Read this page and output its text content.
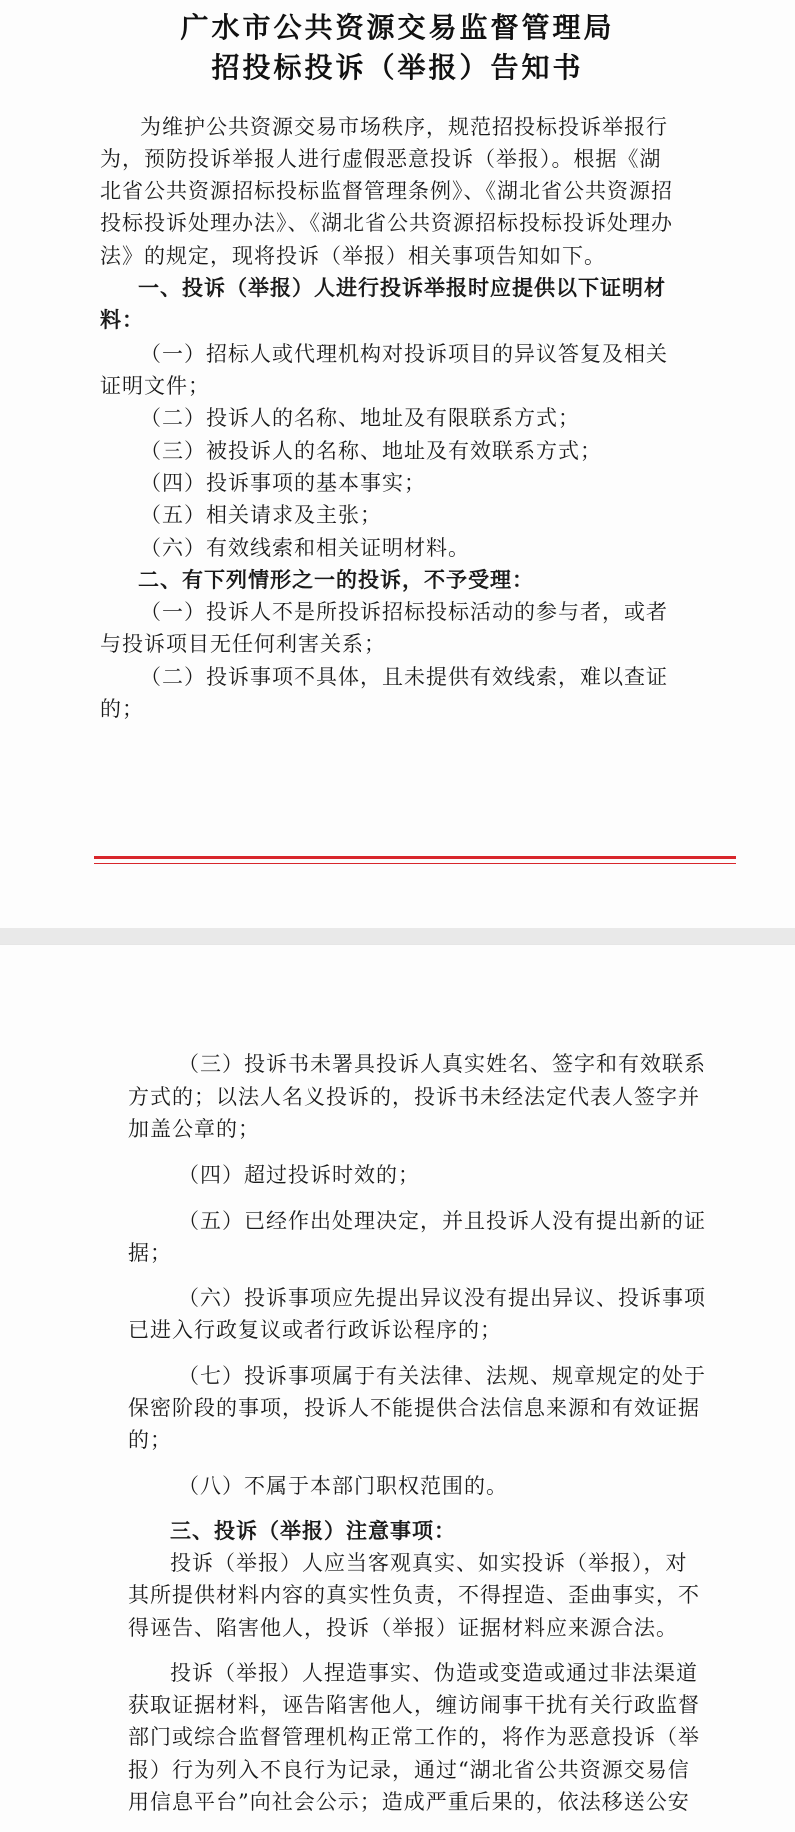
广水市公共资源交易监督管理局
招投标投诉（举报）告知书

为维护公共资源交易市场秩序，规范招投标投诉举报行

为，预防投诉举报人进行虚假恶意投诉（举报）。根据《湖

北省公共资源招标投标监督管理条例》、《湖北省公共资源招

投标投诉处理办法》、《湖北省公共资源招标投标投诉处理办

法》的规定，现将投诉（举报）相关事项告知如下。

一、投诉（举报）人进行投诉举报时应提供以下证明材

料：

（一）招标人或代理机构对投诉项目的异议答复及相关

证明文件；

（二）投诉人的名称、地址及有限联系方式；

（三）被投诉人的名称、地址及有效联系方式；

（四）投诉事项的基本事实；

（五）相关请求及主张；

（六）有效线索和相关证明材料。

二、有下列情形之一的投诉，不予受理：

（一）投诉人不是所投诉招标投标活动的参与者，或者

与投诉项目无任何利害关系；

（二）投诉事项不具体，且未提供有效线索，难以查证

的；

（三）投诉书未署具投诉人真实姓名、签字和有效联系

方式的；以法人名义投诉的，投诉书未经法定代表人签字并

加盖公章的；

（四）超过投诉时效的；

（五）已经作出处理决定，并且投诉人没有提出新的证

据；

（六）投诉事项应先提出异议没有提出异议、投诉事项

已进入行政复议或者行政诉讼程序的；

（七）投诉事项属于有关法律、法规、规章规定的处于

保密阶段的事项，投诉人不能提供合法信息来源和有效证据

的；

（八）不属于本部门职权范围的。

三、投诉（举报）注意事项：

投诉（举报）人应当客观真实、如实投诉（举报），对

其所提供材料内容的真实性负责，不得捏造、歪曲事实，不

得诬告、陷害他人，投诉（举报）证据材料应来源合法。

投诉（举报）人捏造事实、伪造或变造或通过非法渠道

获取证据材料，诬告陷害他人，缠访闹事干扰有关行政监督

部门或综合监督管理机构正常工作的，将作为恶意投诉（举

报）行为列入不良行为记录，通过“湖北省公共资源交易信

用信息平台”向社会公示；造成严重后果的，依法移送公安
